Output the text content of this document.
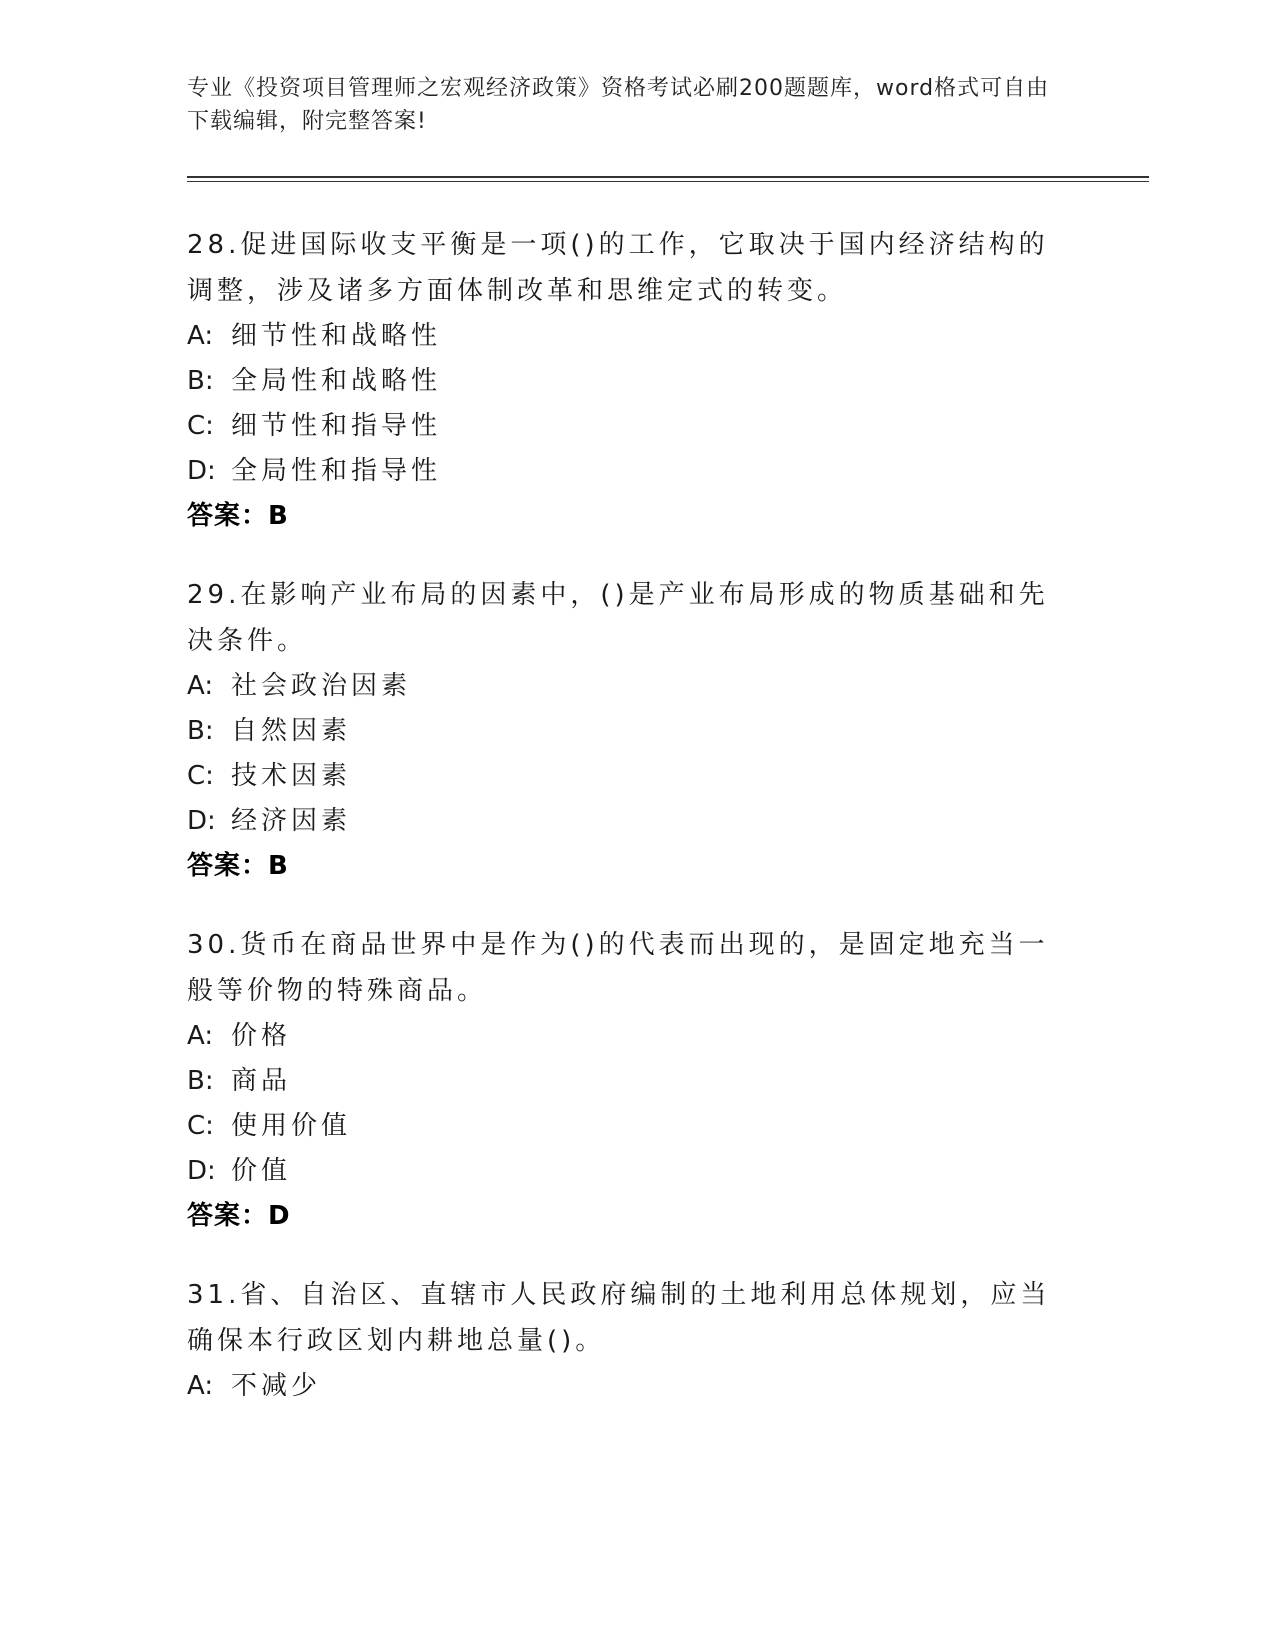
专业《投资项目管理师之宏观经济政策》资格考试必刷200题题库，word格式可自由下载编辑，附完整答案!
28.促进国际收支平衡是一项()的工作，它取决于国内经济结构的调整，涉及诸多方面体制改革和思维定式的转变。
A: 细节性和战略性
B: 全局性和战略性
C: 细节性和指导性
D: 全局性和指导性
答案：B
29.在影响产业布局的因素中，()是产业布局形成的物质基础和先决条件。
A: 社会政治因素
B: 自然因素
C: 技术因素
D: 经济因素
答案：B
30.货币在商品世界中是作为()的代表而出现的，是固定地充当一般等价物的特殊商品。
A: 价格
B: 商品
C: 使用价值
D: 价值
答案：D
31.省、自治区、直辖市人民政府编制的土地利用总体规划，应当确保本行政区划内耕地总量()。
A: 不减少
